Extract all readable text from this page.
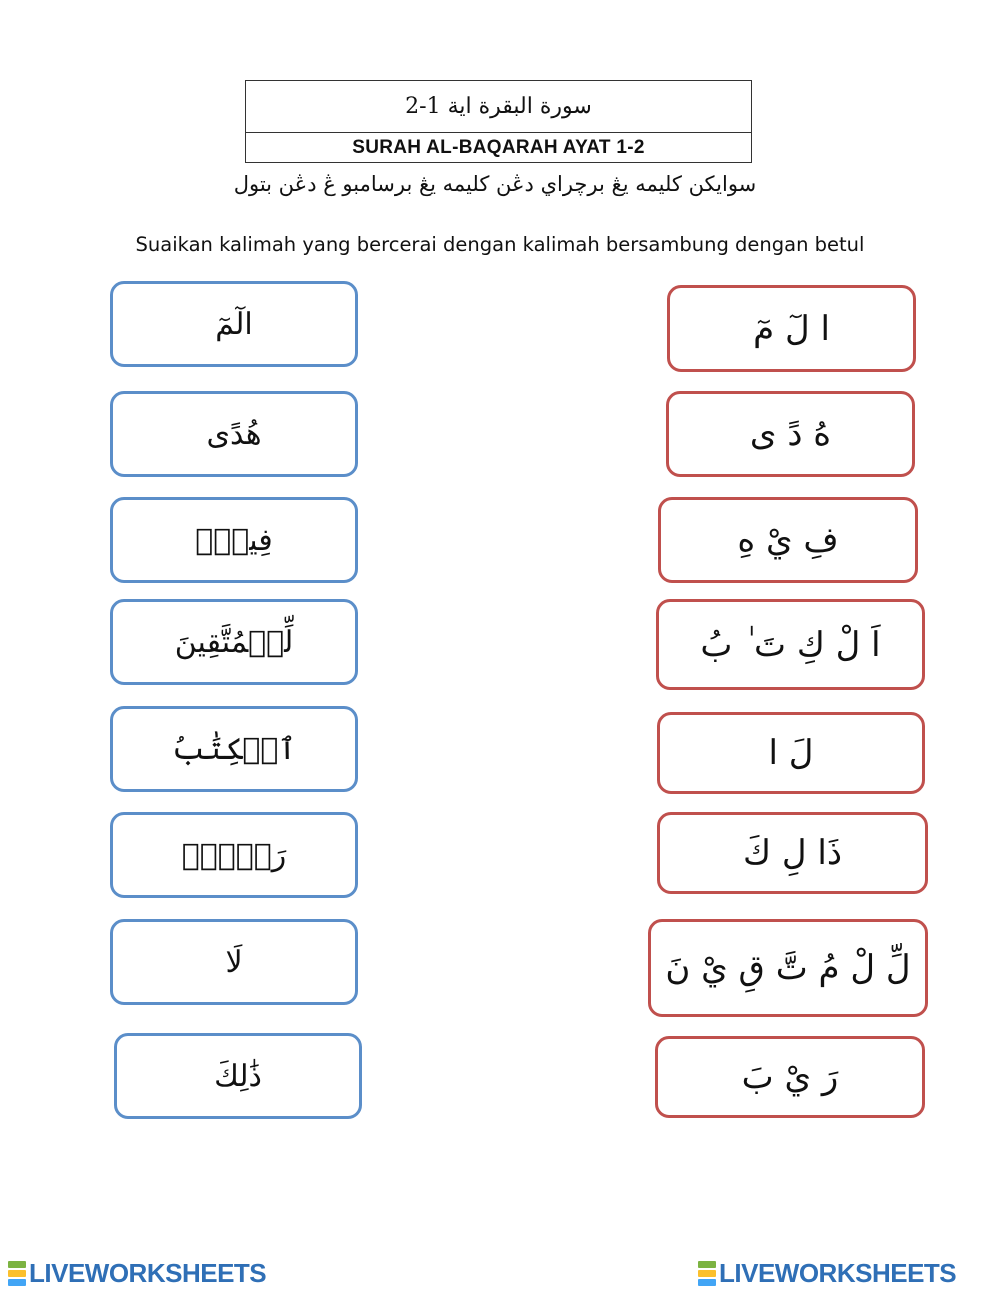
سورة البقرة اية 1-2
SURAH AL-BAQARAH AYAT 1-2
سوايكن كليمه يڠ برچراي دڠن كليمه يڠ برسامبو ڠ دڠن بتول
Suaikan kalimah yang bercerai dengan kalimah bersambung dengan betul
الٓمٓ
هُدًى
فِيهِۛ
لِّلۡمُتَّقِينَ
ٱلۡكِتَٰبُ
رَيۡبَۛ
لَا
ذَٰلِكَ
ا لٓ مٓ
هُ دً ى
فِ يْ هِ
اَ لْ كِ تَ ٰ بُ
لَ ا
ذَا لِ كَ
لِّ لْ مُ تَّ قِ يْ نَ
رَ يْ بَ
LIVEWORKSHEETS	LIVEWORKSHEETS
